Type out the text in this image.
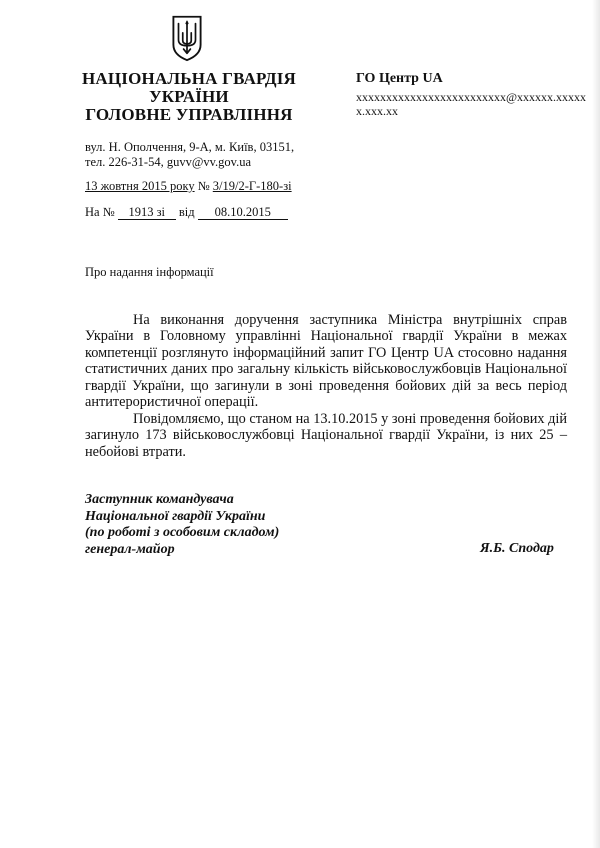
НАЦІОНАЛЬНА ГВАРДІЯ
УКРАЇНИ
ГОЛОВНЕ УПРАВЛІННЯ
ГО Центр UA
xxxxxxxxxxxxxxxxxxxxxxxxx@xxxxxx.xxxxxx.xxx.xx
вул. Н. Ополчення, 9-А, м. Київ, 03151,
тел. 226-31-54, guvv@vv.gov.ua
13 жовтня 2015 року № 3/19/2-Г-180-зі
На № 1913 зі від 08.10.2015
Про надання інформації
На виконання доручення заступника Міністра внутрішніх справ України в Головному управлінні Національної гвардії України в межах компетенції розглянуто інформаційний запит ГО Центр UA стосовно надання статистичних даних про загальну кількість військовослужбовців Національної гвардії України, що загинули в зоні проведення бойових дій за весь період антитерористичної операції.
Повідомляємо, що станом на 13.10.2015 у зоні проведення бойових дій загинуло 173 військовослужбовці Національної гвардії України, із них 25 – небойові втрати.
Заступник командувача
Національної гвардії України
(по роботі з особовим складом)
генерал-майор	Я.Б. Сподар
